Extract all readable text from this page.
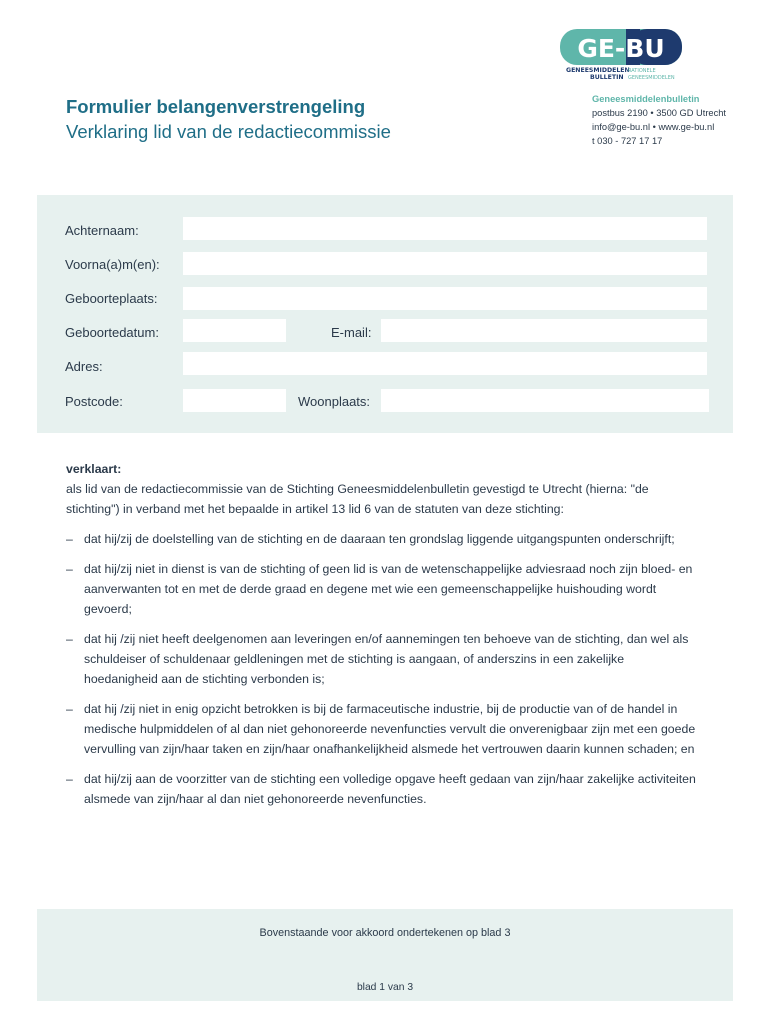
Formulier belangenverstrengeling
Verklaring lid van de redactiecommissie
GE-BU
GENEESMIDDELEN
RATIONELE
BULLETIN GENEESMIDDELEN
Geneesmiddelenbulletin
postbus 2190 • 3500 GD Utrecht
info@ge-bu.nl • www.ge-bu.nl
t 030 - 727 17 17
Achternaam:
Voorna(a)m(en):
Geboorteplaats:
Geboortedatum:	E-mail:
Adres:
Postcode:	Woonplaats:

verklaart:

als lid van de redactiecommissie van de Stichting Geneesmiddelenbulletin gevestigd te Utrecht (hierna: "de stichting") in verband met het bepaalde in artikel 13 lid 6 van de statuten van deze stichting:

– dat hij/zij de doelstelling van de stichting en de daaraan ten grondslag liggende uitgangspunten onderschrijft;
– dat hij/zij niet in dienst is van de stichting of geen lid is van de wetenschappelijke adviesraad noch zijn bloed- en aanverwanten tot en met de derde graad en degene met wie een gemeenschappelijke huishouding wordt gevoerd;
– dat hij /zij niet heeft deelgenomen aan leveringen en/of aannemingen ten behoeve van de stichting, dan wel als schuldeiser of schuldenaar geldleningen met de stichting is aangaan, of anderszins in een zakelijke hoedanigheid aan de stichting verbonden is;
– dat hij /zij niet in enig opzicht betrokken is bij de farmaceutische industrie, bij de productie van of de handel in medische hulpmiddelen of al dan niet gehonoreerde nevenfuncties vervult die onverenigbaar zijn met een goede vervulling van zijn/haar taken en zijn/haar onafhankelijkheid alsmede het vertrouwen daarin kunnen schaden; en
– dat hij/zij aan de voorzitter van de stichting een volledige opgave heeft gedaan van zijn/haar zakelijke activiteiten alsmede van zijn/haar al dan niet gehonoreerde nevenfuncties.
Bovenstaande voor akkoord ondertekenen op blad 3
blad 1 van 3
